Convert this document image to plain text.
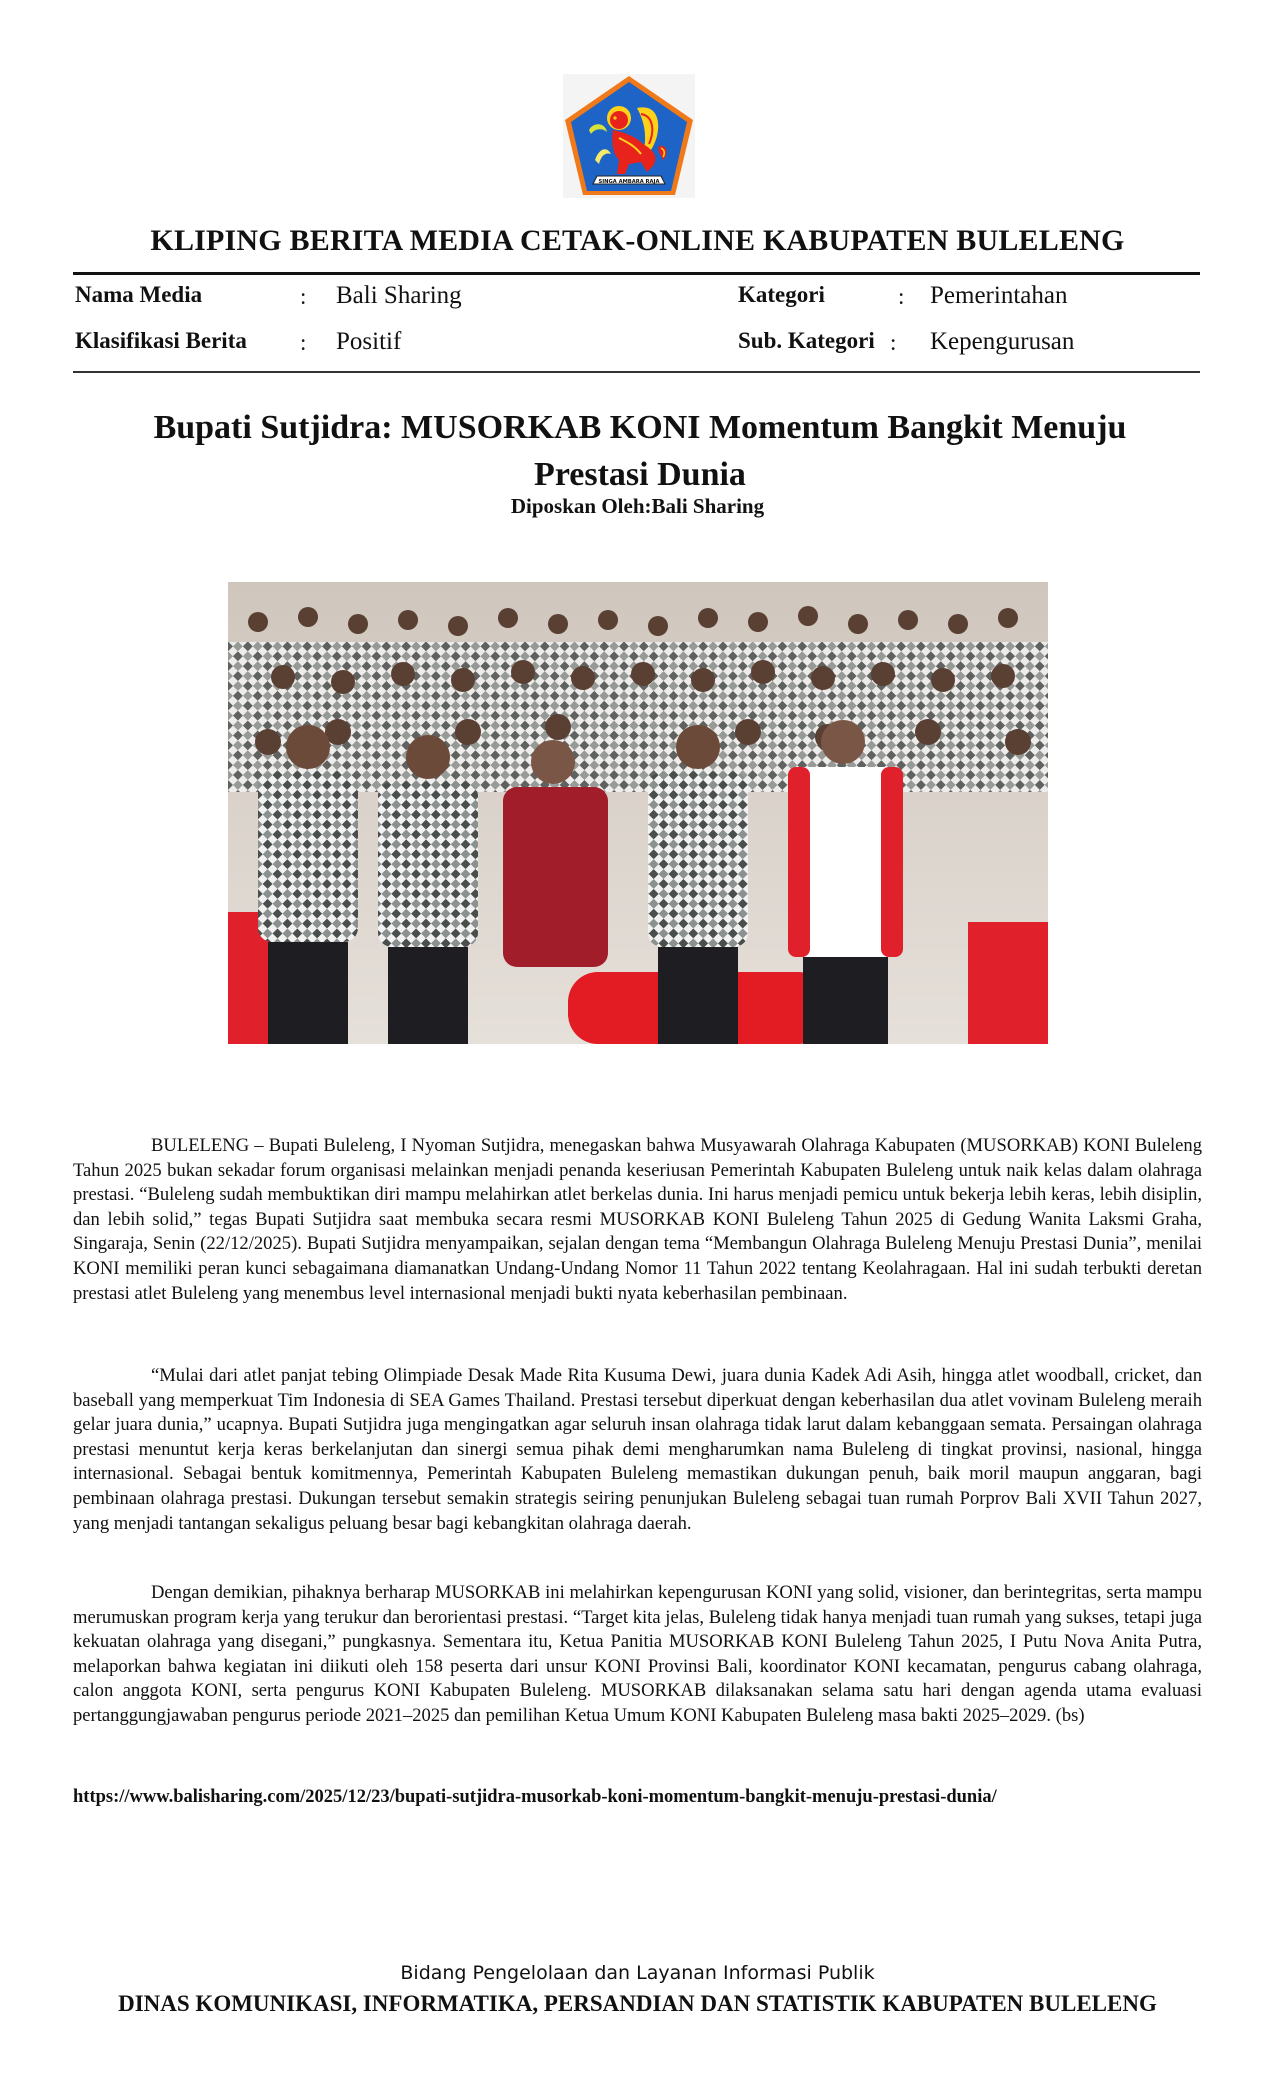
SINGA AMBARA RAJA
KLIPING BERITA MEDIA CETAK-ONLINE KABUPATEN BULELENG
Nama Media	: Bali Sharing
Klasifikasi Berita : Positif
Kategori	: Pemerintahan
Sub. Kategori : Kepengurusan
Bupati Sutjidra: MUSORKAB KONI Momentum Bangkit Menuju Prestasi Dunia
Diposkan Oleh:Bali Sharing
BULELENG – Bupati Buleleng, I Nyoman Sutjidra, menegaskan bahwa Musyawarah Olahraga Kabupaten (MUSORKAB) KONI Buleleng Tahun 2025 bukan sekadar forum organisasi melainkan menjadi penanda keseriusan Pemerintah Kabupaten Buleleng untuk naik kelas dalam olahraga prestasi. “Buleleng sudah membuktikan diri mampu melahirkan atlet berkelas dunia. Ini harus menjadi pemicu untuk bekerja lebih keras, lebih disiplin, dan lebih solid,” tegas Bupati Sutjidra saat membuka secara resmi MUSORKAB KONI Buleleng Tahun 2025 di Gedung Wanita Laksmi Graha, Singaraja, Senin (22/12/2025). Bupati Sutjidra menyampaikan, sejalan dengan tema “Membangun Olahraga Buleleng Menuju Prestasi Dunia”, menilai KONI memiliki peran kunci sebagaimana diamanatkan Undang-Undang Nomor 11 Tahun 2022 tentang Keolahragaan. Hal ini sudah terbukti deretan prestasi atlet Buleleng yang menembus level internasional menjadi bukti nyata keberhasilan pembinaan.
“Mulai dari atlet panjat tebing Olimpiade Desak Made Rita Kusuma Dewi, juara dunia Kadek Adi Asih, hingga atlet woodball, cricket, dan baseball yang memperkuat Tim Indonesia di SEA Games Thailand. Prestasi tersebut diperkuat dengan keberhasilan dua atlet vovinam Buleleng meraih gelar juara dunia,” ucapnya. Bupati Sutjidra juga mengingatkan agar seluruh insan olahraga tidak larut dalam kebanggaan semata. Persaingan olahraga prestasi menuntut kerja keras berkelanjutan dan sinergi semua pihak demi mengharumkan nama Buleleng di tingkat provinsi, nasional, hingga internasional. Sebagai bentuk komitmennya, Pemerintah Kabupaten Buleleng memastikan dukungan penuh, baik moril maupun anggaran, bagi pembinaan olahraga prestasi. Dukungan tersebut semakin strategis seiring penunjukan Buleleng sebagai tuan rumah Porprov Bali XVII Tahun 2027, yang menjadi tantangan sekaligus peluang besar bagi kebangkitan olahraga daerah.
Dengan demikian, pihaknya berharap MUSORKAB ini melahirkan kepengurusan KONI yang solid, visioner, dan berintegritas, serta mampu merumuskan program kerja yang terukur dan berorientasi prestasi. “Target kita jelas, Buleleng tidak hanya menjadi tuan rumah yang sukses, tetapi juga kekuatan olahraga yang disegani,” pungkasnya. Sementara itu, Ketua Panitia MUSORKAB KONI Buleleng Tahun 2025, I Putu Nova Anita Putra, melaporkan bahwa kegiatan ini diikuti oleh 158 peserta dari unsur KONI Provinsi Bali, koordinator KONI kecamatan, pengurus cabang olahraga, calon anggota KONI, serta pengurus KONI Kabupaten Buleleng. MUSORKAB dilaksanakan selama satu hari dengan agenda utama evaluasi pertanggungjawaban pengurus periode 2021–2025 dan pemilihan Ketua Umum KONI Kabupaten Buleleng masa bakti 2025–2029. (bs)
https://www.balisharing.com/2025/12/23/bupati-sutjidra-musorkab-koni-momentum-bangkit-menuju-prestasi-dunia/
Bidang Pengelolaan dan Layanan Informasi Publik
DINAS KOMUNIKASI, INFORMATIKA, PERSANDIAN DAN STATISTIK KABUPATEN BULELENG
